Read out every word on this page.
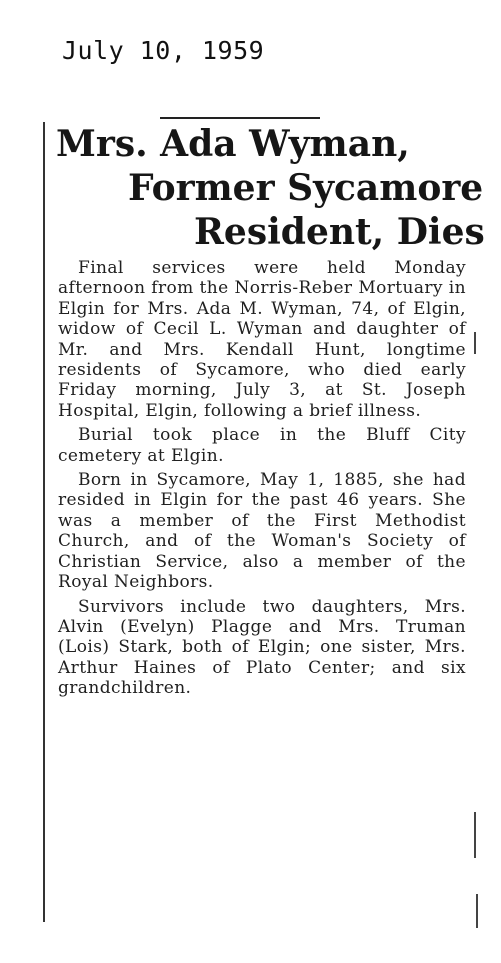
July 10, 1959
Mrs. Ada Wyman,
Former Sycamore
Resident, Dies

Final services were held Monday afternoon from the Norris-Reber Mortuary in Elgin for Mrs. Ada M. Wyman, 74, of Elgin, widow of Cecil L. Wyman and daughter of Mr. and Mrs. Kendall Hunt, longtime residents of Sycamore, who died early Friday morning, July 3, at St. Joseph Hospital, Elgin, following a brief illness.

Burial took place in the Bluff City cemetery at Elgin.

Born in Sycamore, May 1, 1885, she had resided in Elgin for the past 46 years. She was a member of the First Methodist Church, and of the Woman's Society of Christian Service, also a member of the Royal Neighbors.

Survivors include two daughters, Mrs. Alvin (Evelyn) Plagge and Mrs. Truman (Lois) Stark, both of Elgin; one sister, Mrs. Arthur Haines of Plato Center; and six grandchildren.
